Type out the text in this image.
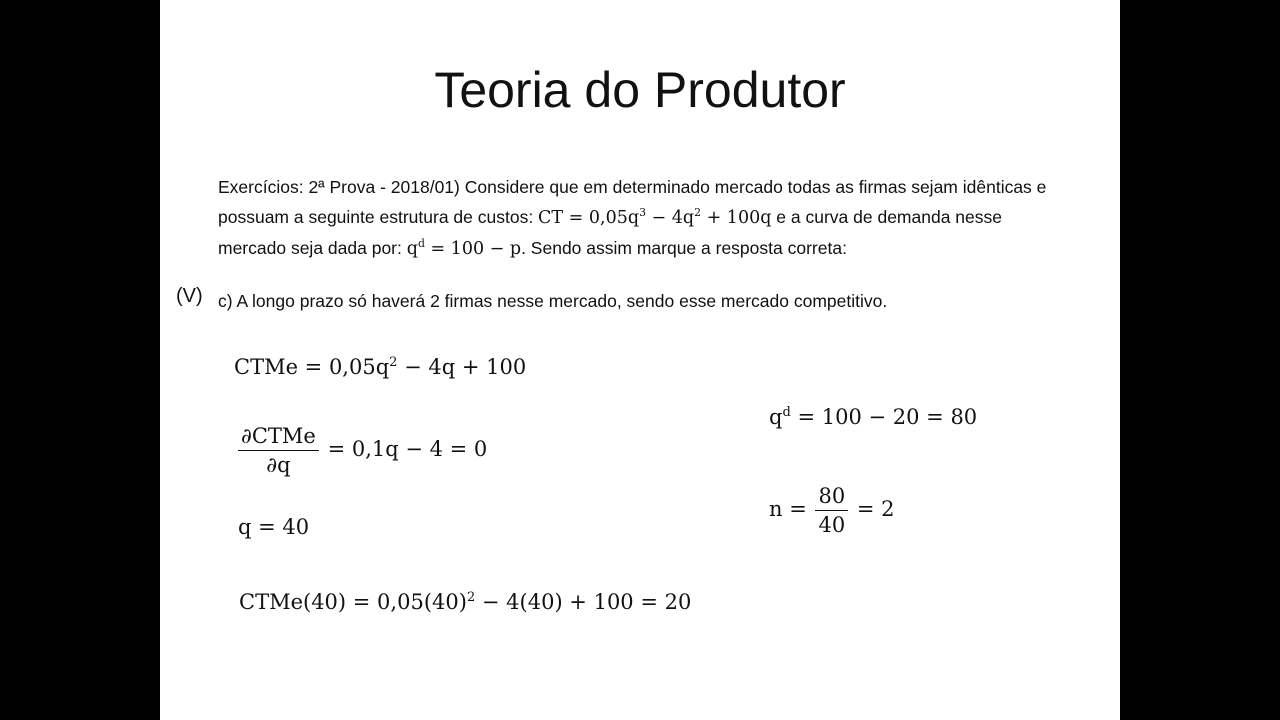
Teoria do Produtor
Exercícios: 2ª Prova - 2018/01) Considere que em determinado mercado todas as firmas sejam idênticas e possuam a seguinte estrutura de custos: CT = $0,05q^3 - 4q^2 + 100q$ e a curva de demanda nesse mercado seja dada por: $q^d = 100 - p$. Sendo assim marque a resposta correta:
(V) c) A longo prazo só haverá 2 firmas nesse mercado, sendo esse mercado competitivo.
CTMe = $0,05q^2 - 4q + 100$
$\frac{\text{∂CTMe}}{\partial q} = 0,1q - 4 = 0$
q = 40
CTMe(40) = $0,05(40)^2 - 4(40) + 100 = 20$
$q^d = 100 - 20 = 80$
$n = \frac{80}{40} = 2$
